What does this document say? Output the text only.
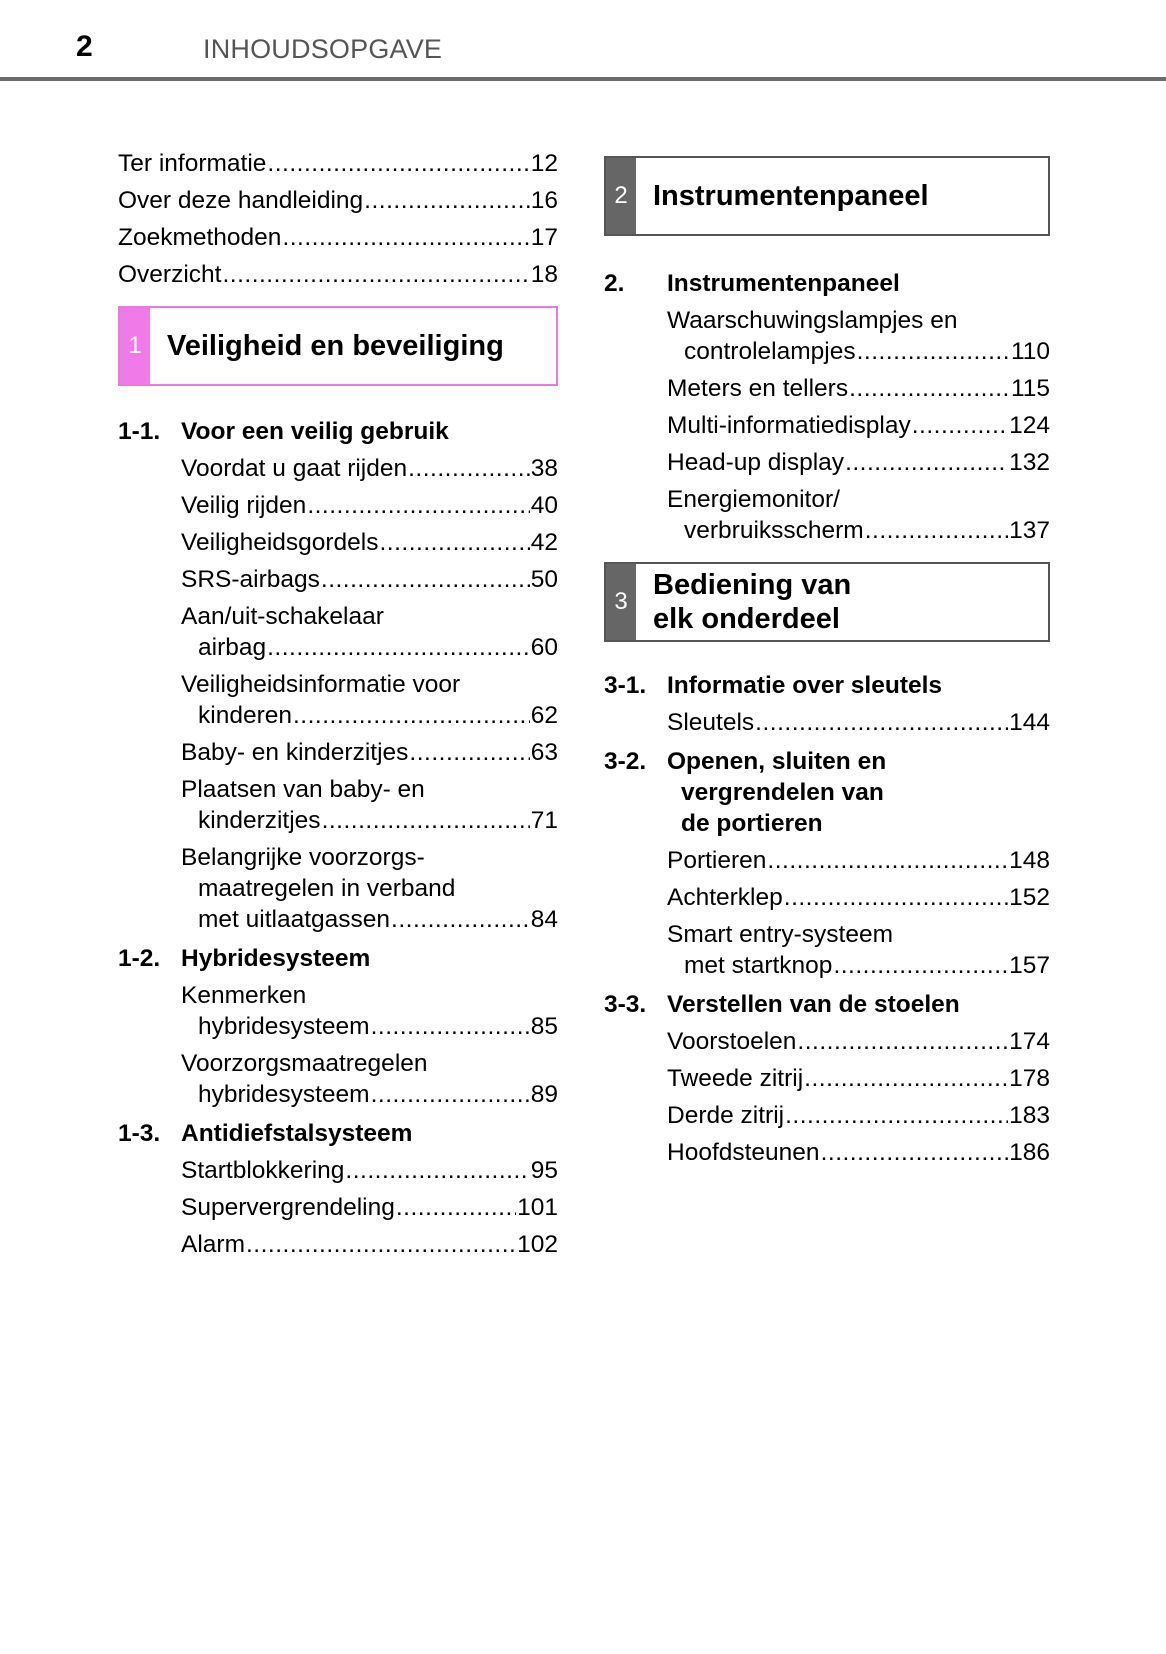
2	INHOUDSOPGAVE
Ter informatie .....	12
Over deze handleiding .....	16
Zoekmethoden .....	17
Overzicht .....	18
1 Veiligheid en beveiliging
1-1. Voor een veilig gebruik
Voordat u gaat rijden .....	38
Veilig rijden .....	40
Veiligheidsgordels .....	42
SRS-airbags .....	50
Aan/uit-schakelaar
airbag .....	60
Veiligheidsinformatie voor
kinderen .....	62
Baby- en kinderzitjes .....	63
Plaatsen van baby- en
kinderzitjes .....	71
Belangrijke voorzorgs-
maatregelen in verband
met uitlaatgassen .....	84
1-2. Hybridesysteem
Kenmerken
hybridesysteem .....	85
Voorzorgsmaatregelen
hybridesysteem .....	89
1-3. Antidiefstalsysteem
Startblokkering .....	95
Supervergrendeling .....	101
Alarm .....	102
2 Instrumentenpaneel
2.	Instrumentenpaneel
Waarschuwingslampjes en
controlelampjes .....	110
Meters en tellers .....	115
Multi-informatiedisplay .....	124
Head-up display .....	132
Energiemonitor/
verbruiksscherm .....	137
3
Bediening van
elk onderdeel
3-1. Informatie over sleutels
Sleutels .....	144
3-2. Openen, sluiten en
vergrendelen van
de portieren
Portieren .....	148
Achterklep .....	152
Smart entry-systeem
met startknop .....	157
3-3. Verstellen van de stoelen
Voorstoelen .....	174
Tweede zitrij .....	178
Derde zitrij .....	183
Hoofdsteunen .....	186
